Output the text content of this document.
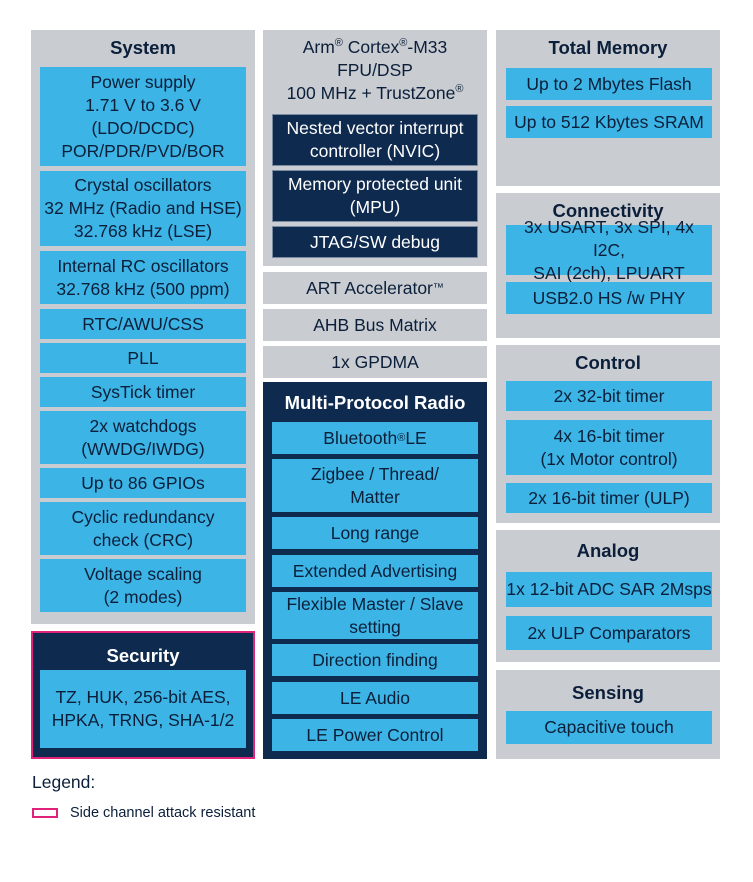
System
Power supply
1.71 V to 3.6 V
(LDO/DCDC)
POR/PDR/PVD/BOR
Crystal oscillators
32 MHz (Radio and HSE)
32.768 kHz (LSE)
Internal RC oscillators
32.768 kHz (500 ppm)
RTC/AWU/CSS
PLL
SysTick timer
2x watchdogs
(WWDG/IWDG)
Up to 86 GPIOs
Cyclic redundancy
check (CRC)
Voltage scaling
(2 modes)
Security
TZ, HUK, 256-bit AES,
HPKA, TRNG, SHA-1/2
Arm® Cortex®-M33
FPU/DSP
100 MHz + TrustZone®
Nested vector interrupt
controller (NVIC)
Memory protected unit
(MPU)
JTAG/SW debug
ART Accelerator ™
AHB Bus Matrix
1x GPDMA
Multi-Protocol Radio
Bluetooth ® LE
Zigbee / Thread/
Matter
Long range
Extended Advertising
Flexible Master / Slave
setting
Direction finding
LE Audio
LE Power Control
Total Memory
Up to 2 Mbytes Flash
Up to 512 Kbytes SRAM
Connectivity
3x USART, 3x SPI, 4x I2C,
SAI (2ch), LPUART
USB2.0 HS /w PHY
Control
2x 32-bit timer
4x 16-bit timer
(1x Motor control)
2x 16-bit timer (ULP)
Analog
1x 12-bit ADC SAR 2Msps
2x ULP Comparators
Sensing
Capacitive touch
Legend:
Side channel attack resistant
